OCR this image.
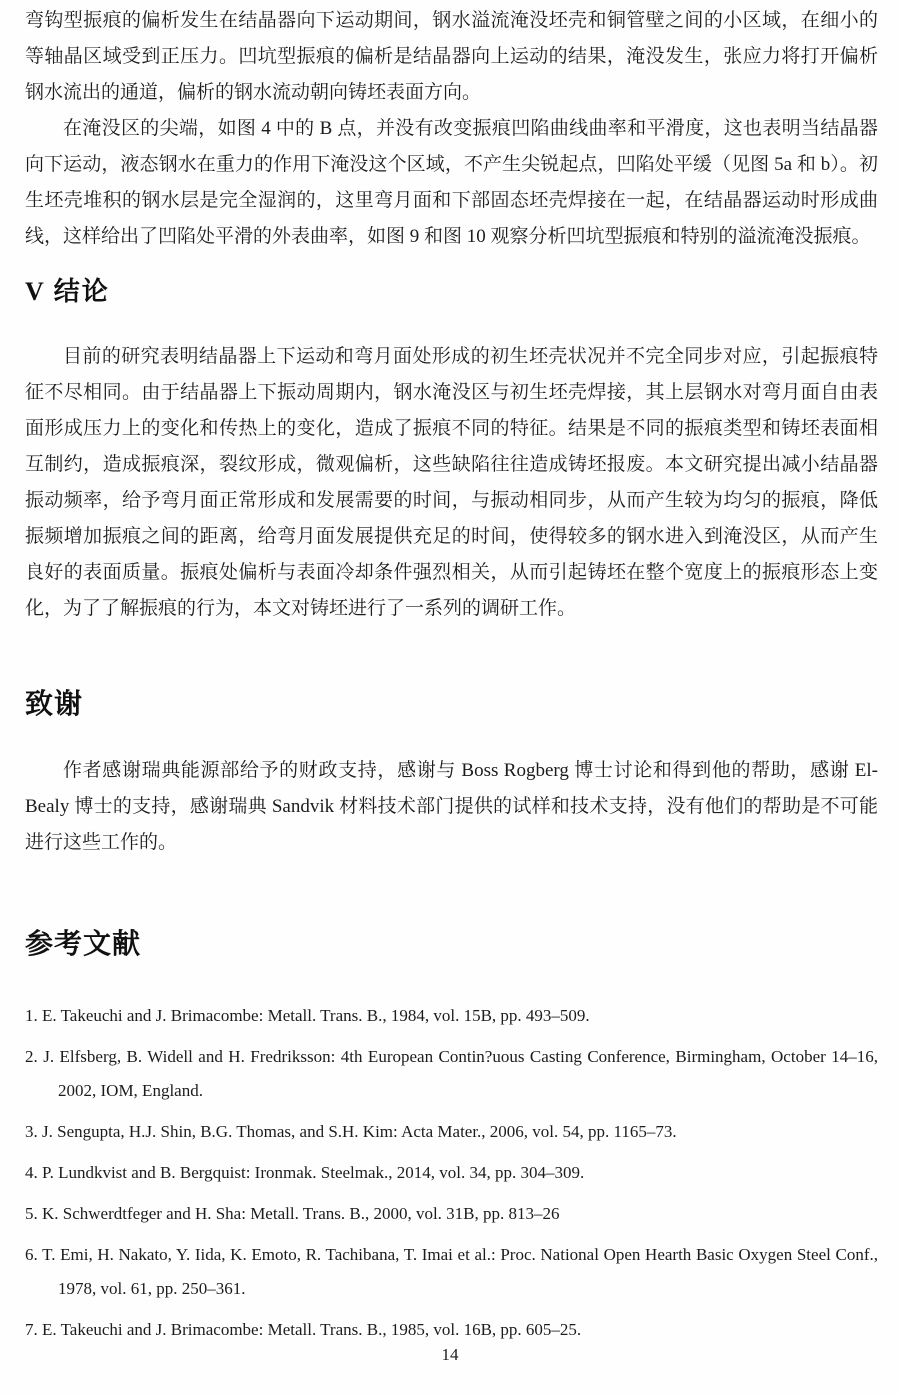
弯钩型振痕的偏析发生在结晶器向下运动期间，钢水溢流淹没坯壳和铜管壁之间的小区域，在细小的等轴晶区域受到正压力。凹坑型振痕的偏析是结晶器向上运动的结果，淹没发生，张应力将打开偏析钢水流出的通道，偏析的钢水流动朝向铸坯表面方向。

在淹没区的尖端，如图 4 中的 B 点，并没有改变振痕凹陷曲线曲率和平滑度，这也表明当结晶器向下运动，液态钢水在重力的作用下淹没这个区域，不产生尖锐起点，凹陷处平缓（见图 5a 和 b）。初生坯壳堆积的钢水层是完全湿润的，这里弯月面和下部固态坯壳焊接在一起，在结晶器运动时形成曲线，这样给出了凹陷处平滑的外表曲率，如图 9 和图 10 观察分析凹坑型振痕和特别的溢流淹没振痕。

V 结论

目前的研究表明结晶器上下运动和弯月面处形成的初生坯壳状况并不完全同步对应，引起振痕特征不尽相同。由于结晶器上下振动周期内，钢水淹没区与初生坯壳焊接，其上层钢水对弯月面自由表面形成压力上的变化和传热上的变化，造成了振痕不同的特征。结果是不同的振痕类型和铸坯表面相互制约，造成振痕深，裂纹形成，微观偏析，这些缺陷往往造成铸坯报废。本文研究提出减小结晶器振动频率，给予弯月面正常形成和发展需要的时间，与振动相同步，从而产生较为均匀的振痕，降低振频增加振痕之间的距离，给弯月面发展提供充足的时间，使得较多的钢水进入到淹没区，从而产生良好的表面质量。振痕处偏析与表面冷却条件强烈相关，从而引起铸坯在整个宽度上的振痕形态上变化，为了了解振痕的行为，本文对铸坯进行了一系列的调研工作。

致谢

作者感谢瑞典能源部给予的财政支持，感谢与 Boss Rogberg 博士讨论和得到他的帮助，感谢 El-Bealy 博士的支持，感谢瑞典 Sandvik 材料技术部门提供的试样和技术支持，没有他们的帮助是不可能进行这些工作的。

参考文献
1. E. Takeuchi and J. Brimacombe: Metall. Trans. B., 1984, vol. 15B, pp. 493–509.
2. J. Elfsberg, B. Widell and H. Fredriksson: 4th European Contin?uous Casting Conference, Birmingham, October 14–16, 2002, IOM, England.
3. J. Sengupta, H.J. Shin, B.G. Thomas, and S.H. Kim: Acta Mater., 2006, vol. 54, pp. 1165–73.
4. P. Lundkvist and B. Bergquist: Ironmak. Steelmak., 2014, vol. 34, pp. 304–309.
5. K. Schwerdtfeger and H. Sha: Metall. Trans. B., 2000, vol. 31B, pp. 813–26
6. T. Emi, H. Nakato, Y. Iida, K. Emoto, R. Tachibana, T. Imai et al.: Proc. National Open Hearth Basic Oxygen Steel Conf., 1978, vol. 61, pp. 250–361.
7. E. Takeuchi and J. Brimacombe: Metall. Trans. B., 1985, vol. 16B, pp. 605–25.
14
